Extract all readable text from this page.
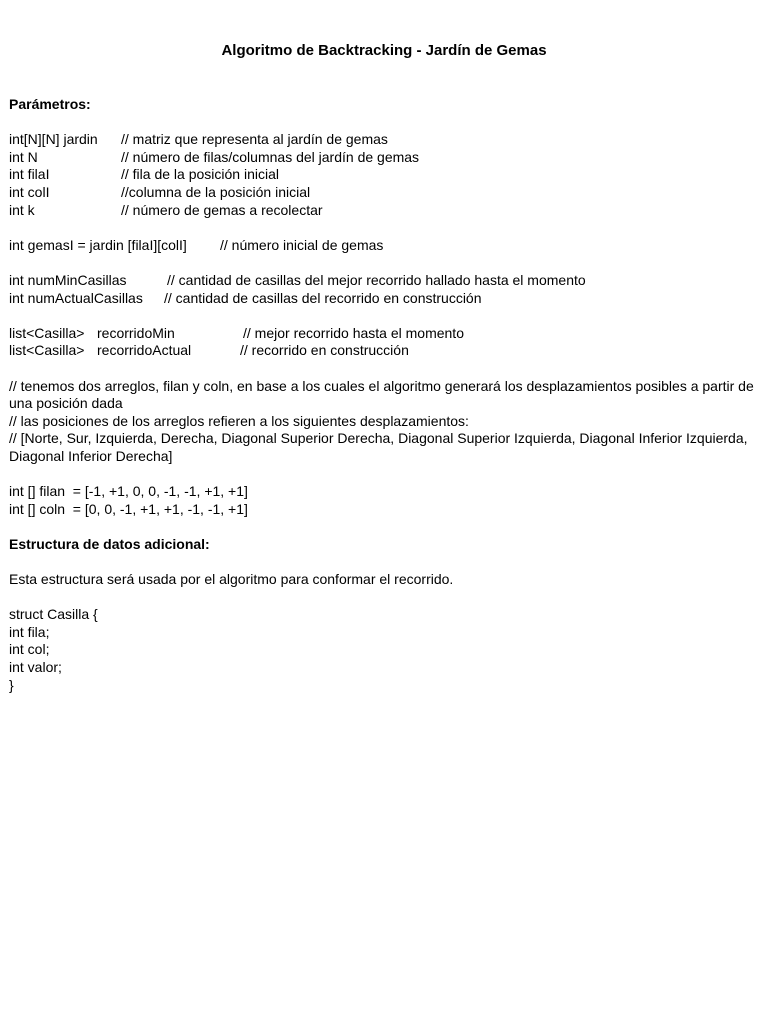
Algoritmo de Backtracking - Jardín de Gemas
Parámetros:
int[N][N] jardin	// matriz que representa al jardín de gemas
int N	// número de filas/columnas del jardín de gemas
int filaI	// fila de la posición inicial
int colI	//columna de la posición inicial
int k	// número de gemas a recolectar
int gemasI = jardin [filaI][colI]	// número inicial de gemas
int numMinCasillas	// cantidad de casillas del mejor recorrido hallado hasta el momento
int numActualCasillas	// cantidad de casillas del recorrido en construcción
list<Casilla> recorridoMin	// mejor recorrido hasta el momento
list<Casilla> recorridoActual	// recorrido en construcción
// tenemos dos arreglos, filan y coln, en base a los cuales el algoritmo generará los desplazamientos posibles a partir de una posición dada
// las posiciones de los arreglos refieren a los siguientes desplazamientos:
// [Norte, Sur, Izquierda, Derecha, Diagonal Superior Derecha, Diagonal Superior Izquierda, Diagonal Inferior Izquierda, Diagonal Inferior Derecha]
int [] filan  = [-1, +1, 0, 0, -1, -1, +1, +1]
int [] coln  = [0, 0, -1, +1, +1, -1, -1, +1]
Estructura de datos adicional:
Esta estructura será usada por el algoritmo para conformar el recorrido.
struct Casilla {
int fila;
int col;
int valor;
}
